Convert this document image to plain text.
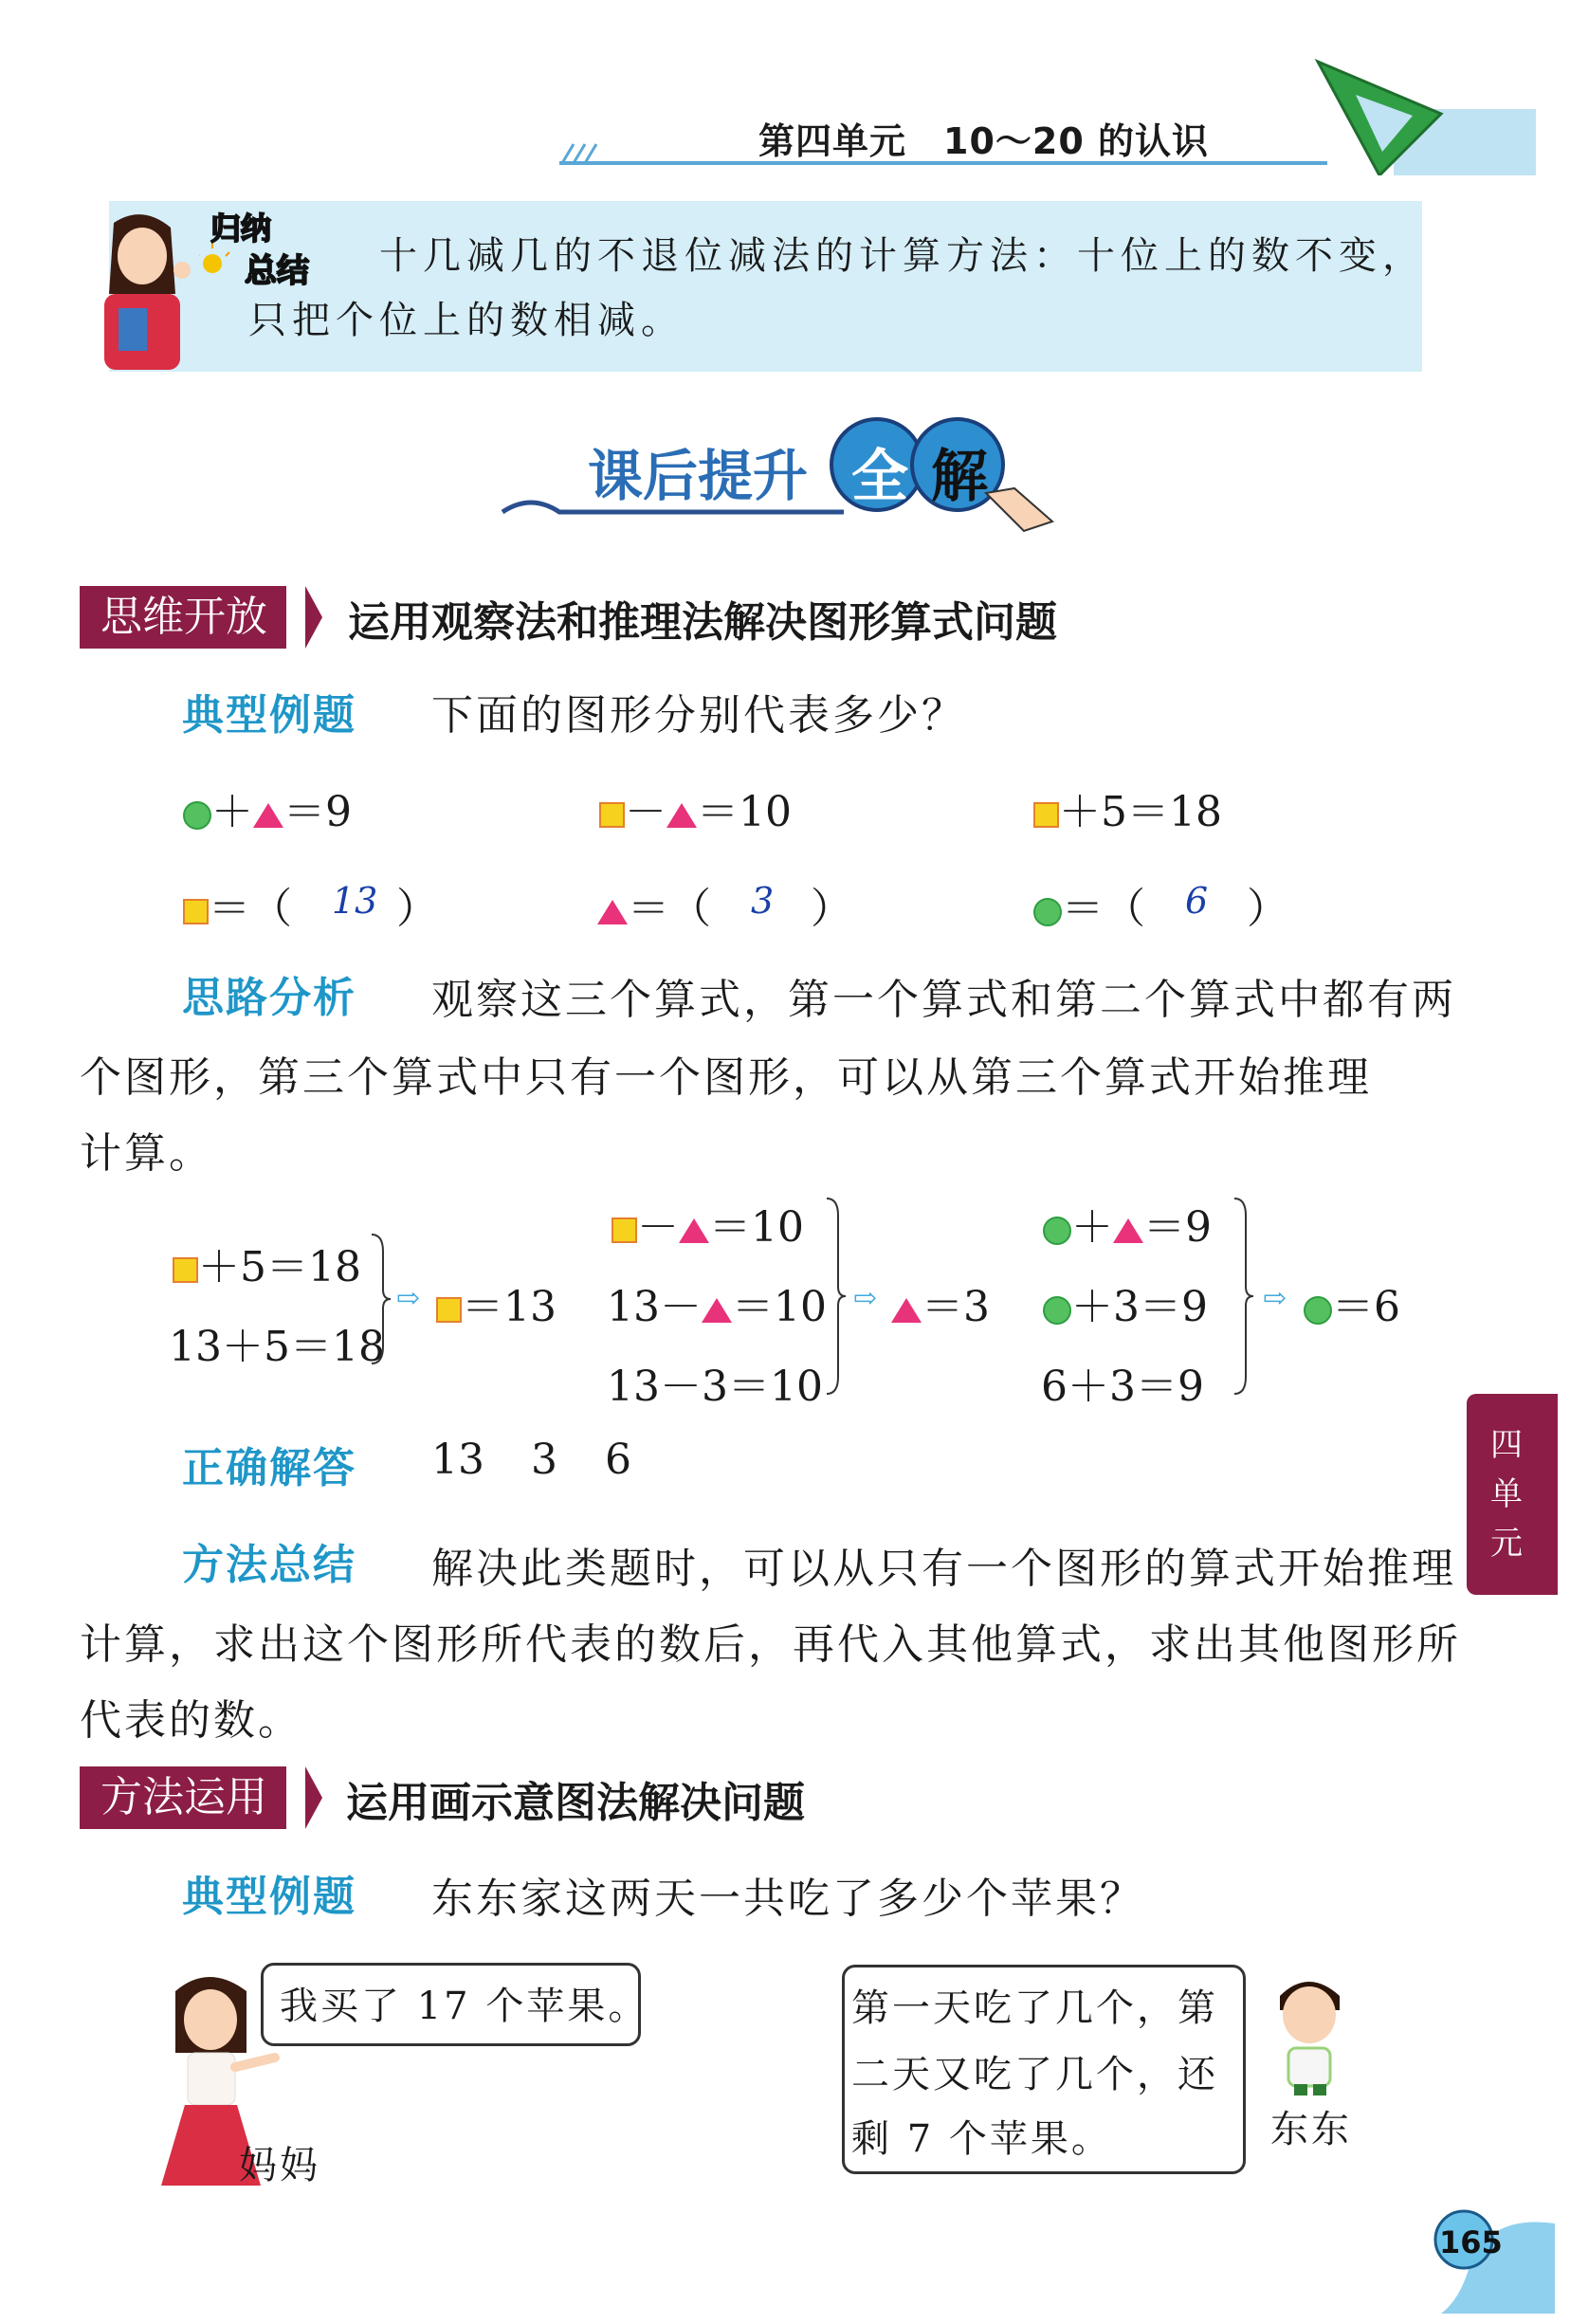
第四单元　10～20 的认识
归纳
总结 十几减几的不退位减法的计算方法：十位上的数不变，
只把个位上的数相减。
课后提升 全 解
思维开放	运用观察法和推理法解决图形算式问题
典型例题 下面的图形分别代表多少？
＋ ＝9	－ ＝10	＋5＝18
＝（ 13 ）	＝（ 3 ）	＝（ 6 ）
思路分析 观察这三个算式，第一个算式和第二个算式中都有两
个图形，第三个算式中只有一个图形，可以从第三个算式开始推理
计算。
＋5＝18
13＋5＝18
⇨ ＝13
－ ＝10
13－ ＝10
13－3＝10
⇨	＝3
＋ ＝9
＋3＝9
6＋3＝9
⇨	＝6
正确解答 13 3 6
方法总结 解决此类题时，可以从只有一个图形的算式开始推理
计算，求出这个图形所代表的数后，再代入其他算式，求出其他图形所
代表的数。
方法运用	运用画示意图法解决问题
典型例题 东东家这两天一共吃了多少个苹果？
我买了 17 个苹果。
妈妈
第一天吃了几个，第
二天又吃了几个，还
剩 7 个苹果。	东东
四
单
元
165
